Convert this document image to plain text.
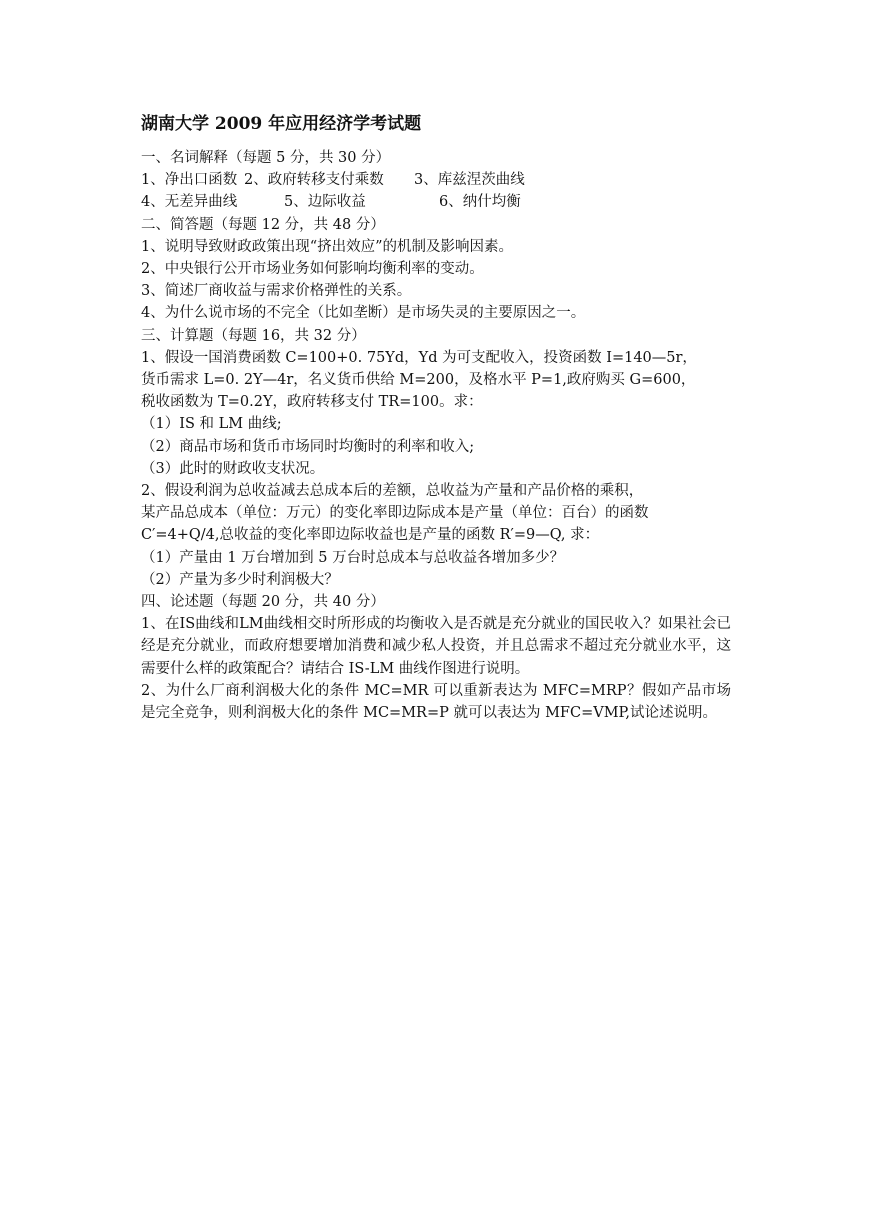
湖南大学 2009 年应用经济学考试题
一、名词解释（每题 5 分，共 30 分）
1、净出口函数 2、政府转移支付乘数 3、库兹涅茨曲线
4、无差异曲线	5、边际收益	6、纳什均衡
二、简答题（每题 12 分，共 48 分）
1、说明导致财政政策出现“挤出效应”的机制及影响因素。
2、中央银行公开市场业务如何影响均衡利率的变动。
3、简述厂商收益与需求价格弹性的关系。
4、为什么说市场的不完全（比如垄断）是市场失灵的主要原因之一。
三、计算题（每题 16，共 32 分）
1、假设一国消费函数 C=100+0. 75Yd，Yd 为可支配收入，投资函数 I=140—5r，
货币需求 L=0. 2Y—4r，名义货币供给 M=200，及格水平 P=1,政府购买 G=600，
税收函数为 T=0.2Y，政府转移支付 TR=100。求：
（1）IS 和 LM 曲线;
（2）商品市场和货币市场同时均衡时的利率和收入;
（3）此时的财政收支状况。
2、假设利润为总收益减去总成本后的差额，总收益为产量和产品价格的乘积，
某产品总成本（单位：万元）的变化率即边际成本是产量（单位：百台）的函数
C′=4+Q/4,总收益的变化率即边际收益也是产量的函数 R′=9—Q, 求：
（1）产量由 1 万台增加到 5 万台时总成本与总收益各增加多少？
（2）产量为多少时利润极大？
四、论述题（每题 20 分，共 40 分）
1、在IS曲线和LM曲线相交时所形成的均衡收入是否就是充分就业的国民收入？如果社会已经是充分就业，而政府想要增加消费和减少私人投资，并且总需求不超过充分就业水平，这需要什么样的政策配合？请结合 IS-LM 曲线作图进行说明。
2、为什么厂商利润极大化的条件 MC=MR 可以重新表达为 MFC=MRP？假如产品市场是完全竞争，则利润极大化的条件 MC=MR=P 就可以表达为 MFC=VMP,试论述说明。
